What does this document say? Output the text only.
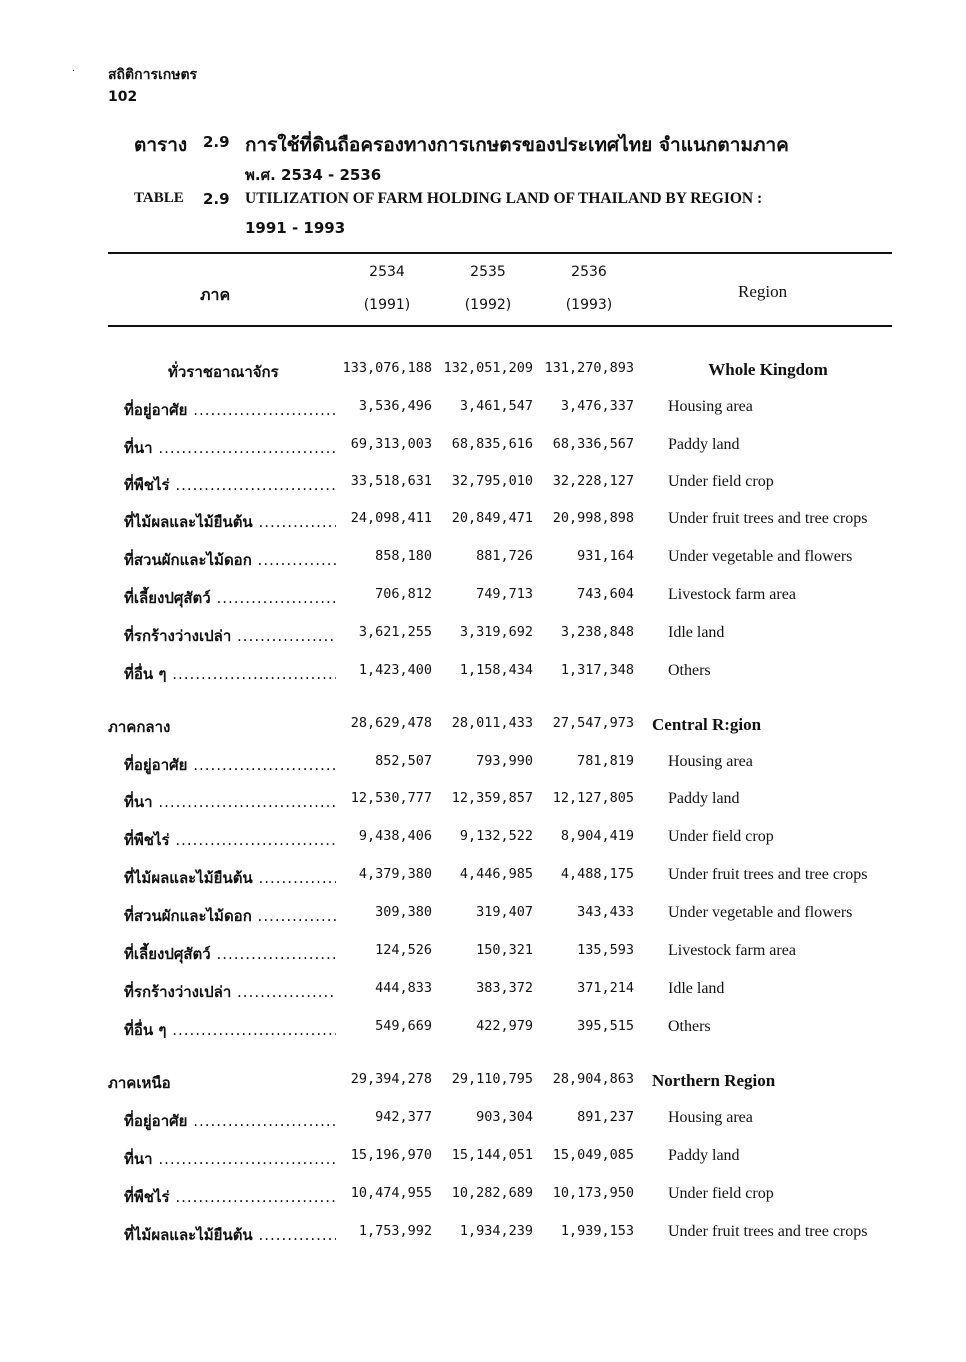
· สถิติการเกษตร
102
ตาราง 2.9 การใช้ที่ดินถือครองทางการเกษตรของประเทศไทย จำแนกตามภาค
พ.ศ. 2534 - 2536
TABLE 2.9 UTILIZATION OF FARM HOLDING LAND OF THAILAND BY REGION :
1991 - 1993
ภาค
2534	2535	2536
(1991)	(1992)	(1993)
Region
ทั่วราชอาณาจักร	133,076,188 132,051,209 131,270,893	Whole Kingdom
ที่อยู่อาศัย .....	3,536,496	3,461,547	3,476,337 Housing area
ที่นา .....	69,313,003	68,835,616	68,336,567 Paddy land
ที่พืชไร่ .....	33,518,631	32,795,010	32,228,127 Under field crop
ที่ไม้ผลและไม้ยืนต้น .....	24,098,411	20,849,471	20,998,898 Under fruit trees and tree crops
ที่สวนผักและไม้ดอก .....	858,180	881,726	931,164 Under vegetable and flowers
ที่เลี้ยงปศุสัตว์ .....	706,812	749,713	743,604 Livestock farm area
ที่รกร้างว่างเปล่า .....	3,621,255	3,319,692	3,238,848 Idle land
ที่อื่น ๆ .....	1,423,400	1,158,434	1,317,348 Others
ภาคกลาง	28,629,478	28,011,433	27,547,973 Central R:gion
ที่อยู่อาศัย .....	852,507	793,990	781,819 Housing area
ที่นา .....	12,530,777	12,359,857	12,127,805 Paddy land
ที่พืชไร่ .....	9,438,406	9,132,522	8,904,419 Under field crop
ที่ไม้ผลและไม้ยืนต้น .....	4,379,380	4,446,985	4,488,175 Under fruit trees and tree crops
ที่สวนผักและไม้ดอก .....	309,380	319,407	343,433 Under vegetable and flowers
ที่เลี้ยงปศุสัตว์ .....	124,526	150,321	135,593 Livestock farm area
ที่รกร้างว่างเปล่า .....	444,833	383,372	371,214 Idle land
ที่อื่น ๆ .....	549,669	422,979	395,515 Others
ภาคเหนือ	29,394,278	29,110,795	28,904,863 Northern Region
ที่อยู่อาศัย .....	942,377	903,304	891,237 Housing area
ที่นา .....	15,196,970	15,144,051	15,049,085 Paddy land
ที่พืชไร่ .....	10,474,955	10,282,689	10,173,950 Under field crop
ที่ไม้ผลและไม้ยืนต้น .....	1,753,992	1,934,239	1,939,153 Under fruit trees and tree crops
